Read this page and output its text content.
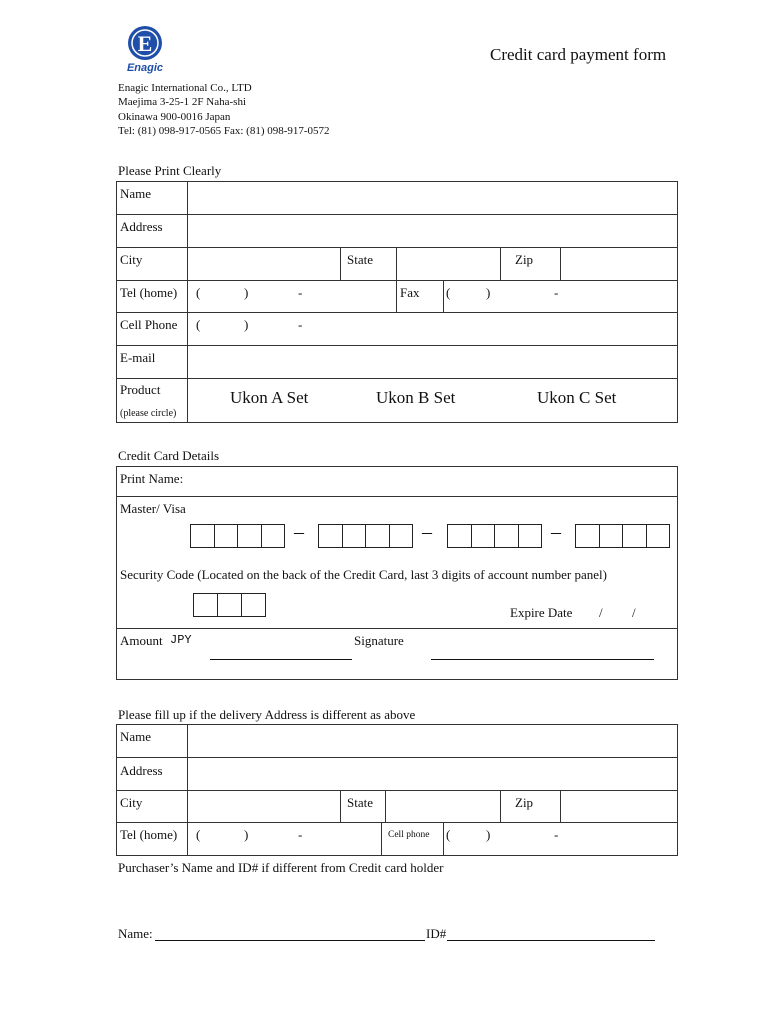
E
Enagic
Credit card payment form
Enagic International Co., LTD
Maejima 3-25-1 2F Naha-shi
Okinawa 900-0016 Japan
Tel: (81) 098-917-0565 Fax: (81) 098-917-0572
Please Print Clearly
Name
Address
City	State	Zip
Tel (home) (	)	-	Fax (	)	-
Cell Phone (	)	-
E-mail
Product
(please circle)
Ukon A Set	Ukon B Set	Ukon C Set
Credit Card Details
Print Name:
Master/ Visa
–	–	–
Security Code (Located on the back of the Credit Card, last 3 digits of account number panel)
Expire Date / /
Amount JPY	Signature
Please fill up if the delivery Address is different as above
Name
Address
City	State	Zip
Tel (home) (	)	-	Cell phone (	)	-
Purchaser’s Name and ID# if different from Credit card holder
Name:	ID#
